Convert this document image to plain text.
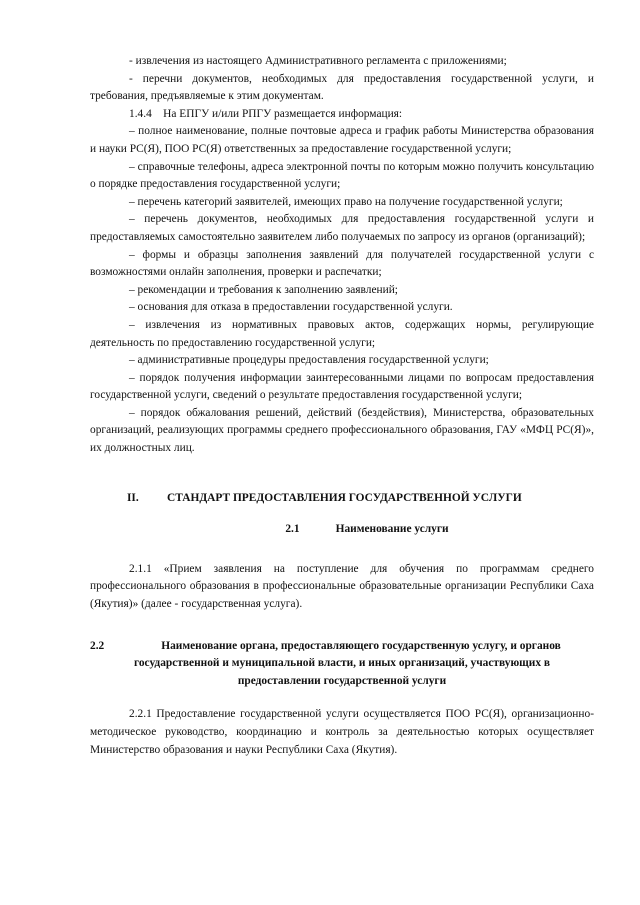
- извлечения из настоящего Административного регламента с приложениями;

- перечни документов, необходимых для предоставления государственной услуги, и требования, предъявляемые к этим документам.

1.4.4 На ЕПГУ и/или РПГУ размещается информация:

– полное наименование, полные почтовые адреса и график работы Министерства образования и науки РС(Я), ПОО РС(Я) ответственных за предоставление государственной услуги;

– справочные телефоны, адреса электронной почты по которым можно получить консультацию о порядке предоставления государственной услуги;

– перечень категорий заявителей, имеющих право на получение государственной услуги;

– перечень документов, необходимых для предоставления государственной услуги и предоставляемых самостоятельно заявителем либо получаемых по запросу из органов (организаций);

– формы и образцы заполнения заявлений для получателей государственной услуги с возможностями онлайн заполнения, проверки и распечатки;

– рекомендации и требования к заполнению заявлений;

– основания для отказа в предоставлении государственной услуги.

– извлечения из нормативных правовых актов, содержащих нормы, регулирующие деятельность по предоставлению государственной услуги;

– административные процедуры предоставления государственной услуги;

– порядок получения информации заинтересованными лицами по вопросам предоставления государственной услуги, сведений о результате предоставления государственной услуги;

– порядок обжалования решений, действий (бездействия), Министерства, образовательных организаций, реализующих программы среднего профессионального образования, ГАУ «МФЦ РС(Я)», их должностных лиц.

II.	СТАНДАРТ ПРЕДОСТАВЛЕНИЯ ГОСУДАРСТВЕННОЙ УСЛУГИ
2.1	Наименование услуги

2.1.1 «Прием заявления на поступление для обучения по программам среднего профессионального образования в профессиональные образовательные организации Республики Саха (Якутия)» (далее - государственная услуга).

2.2	Наименование органа, предоставляющего государственную услугу, и органов
государственной и муниципальной власти, и иных организаций, участвующих в
предоставлении государственной услуги

2.2.1 Предоставление государственной услуги осуществляется ПОО РС(Я), организационно-методическое руководство, координацию и контроль за деятельностью которых осуществляет Министерство образования и науки Республики Саха (Якутия).
